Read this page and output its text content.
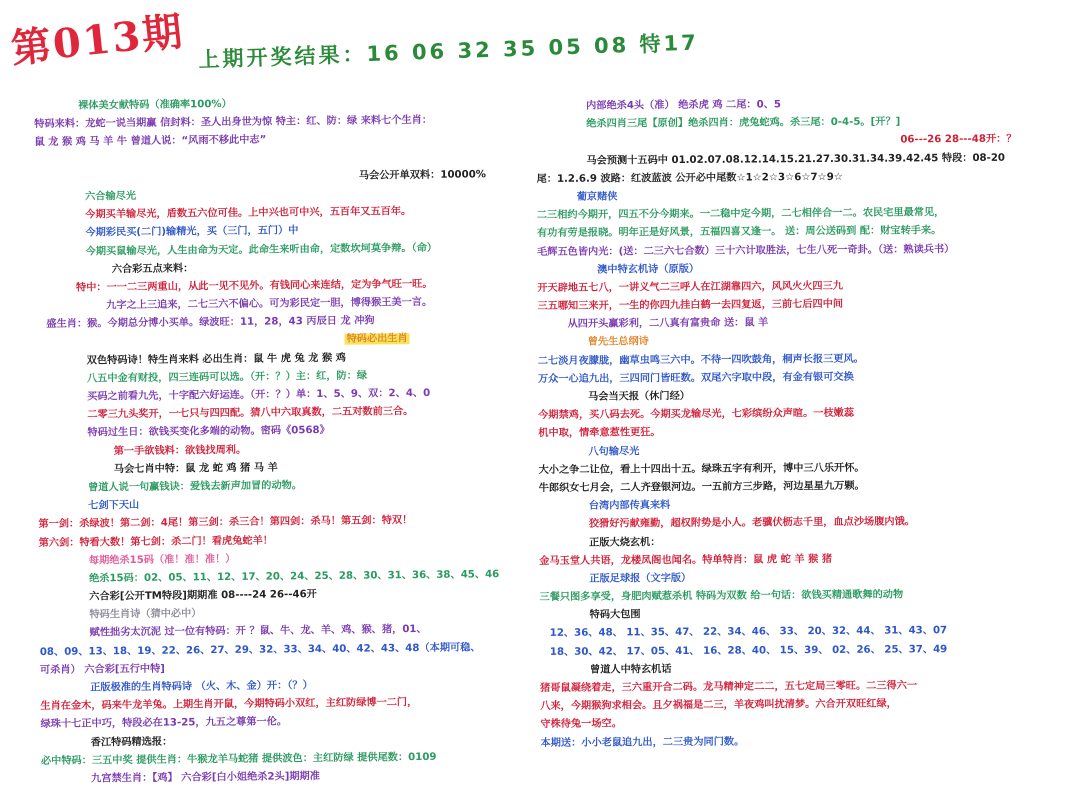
第013期 上期开奖结果：16 06 32 35 05 08 特17
裸体美女献特码（准确率100%）
特码来料：龙蛇一说当期赢 信封料：圣人出身世为惊 特主：红、防：绿 来料七个生肖：
鼠 龙 猴 鸡 马 羊 牛 曾道人说：“风雨不移此中志”
马会公开单双料：10000%
六合输尽光
今期买羊输尽光，盾数五六位可佳。上中兴也可中兴，五百年又五百年。
今期彩民买(二门)输精光，买（三门，五门）中
今期买鼠输尽光，人生由命为天定。此命生来听由命，定数坎坷莫争辩。（命）
六合彩五点来料：
特中：一一二三两重山，从此一见不见外。有钱同心来连结，定为争气旺一旺。
九字之上三追来，二七三六不偏心。可为彩民定一胆，博得猴王美一言。
盛生肖：猴。今期总分博小买单。绿波旺：11，28，43 丙辰日 龙 冲狗
特码必出生肖
双色特码诗！特生肖来料 必出生肖：鼠 牛 虎 兔 龙 猴 鸡
八五中金有财投，四三连码可以选。（开：？）主：红，防：绿
买码之前看九先，十字配六好运连。（开：？）单：1、5、9、双：2、4、0
二零三九头奖开，一七只与四四配。猜八中六取真数，二五对数前三合。
特码过生日：欲钱买变化多端的动物。密码《0568》
第一手欲钱料：欲钱找周利。
马会七肖中特：鼠 龙 蛇 鸡 猪 马 羊
曾道人说一句赢钱诀：爱钱去新声加冒的动物。
七剑下天山
第一剑：杀绿波！第二剑：4尾！第三剑：杀三合！第四剑：杀马！第五剑：特双！
第六剑：特看大数！第七剑：杀二门！看虎兔蛇羊！
每期绝杀15码（准！准！准！）
绝杀15码：02、05、11、12、17、20、24、25、28、30、31、36、38、45、46
六合彩[公开TM特段]期期准 08----24 26--46开
特码生肖诗（猜中必中）
赋性拙劣太沉泥 过一位有特码：开 ？鼠、牛、龙、羊、鸡、猴、猪，01、
08、09、13、18、19、22、26、27、29、32、33、34、40、42、43、48（本期可稳、
可杀肖） 六合彩[五行中特]
正版极准的生肖特码诗 （火、木、金）开：（？）
生肖在金木，码来牛龙羊兔。上期生肖开鼠，今期特码小双红，主红防绿博一二门，
绿珠十七正中巧，特段必在13-25，九五之尊第一伦。
香江特码精选报：
必中特码：三五中奖 提供生肖：牛猴龙羊马蛇猪 提供波色：主红防绿 提供尾数：0109
九宫禁生肖：【鸡】 六合彩[白小姐绝杀2头]期期准
内部绝杀4头（准） 绝杀虎 鸡 二尾：0、5
绝杀四肖三尾【原创】绝杀四肖：虎兔蛇鸡。杀三尾：0-4-5。[开？]
06---26 28---48开：？
马会预测十五码中 01.02.07.08.12.14.15.21.27.30.31.34.39.42.45 特段：08-20
尾：1.2.6.9 波路：红波蓝波 公开必中尾数☆1☆2☆3☆6☆7☆9☆
葡京赌侠
二三相约今期开，四五不分今期来。一二稳中定今期，二七相伴合一二。农民宅里最常见，
有功有劳是报晓。明年正是好风景，五福四喜又逢一。 送：周公送码到 配：财宝转手来。
毛辉五色皆内光：(送：二三六七合数）三十六计取胜法，七生八死一奇卦。（送：熟读兵书）
澳中特玄机诗（原版）
开天辟地五七八，一讲义气二三呼人在江湖靠四六，风风火火四三九
三五哪知三来开，一生的你四九挂白鹤一去四复返，三前七后四中间
从四开头赢彩利，二八真有富贵命 送：鼠 羊
曾先生总纲诗
二七淡月夜朦胧，幽草虫鸣三六中。不待一四吹鼓角，桐声长报三更风。
万众一心追九出，三四同门皆旺数。双尾六字取中段，有金有银可交换
马会当天报（休门经）
今期禁鸡，买八码去死。今期买龙输尽光，七彩缤纷众声暄。一枝嫩蕊
机中取，情牵意惹性更狂。
八句输尽光
大小之争二让位，看上十四出十五。绿珠五字有利开，博中三八乐开怀。
牛郎织女七月会，二人齐登银河边。一五前方三步路，河边星星九万颗。
台湾内部传真来料
狡猾好污献雍勤，超权附势是小人。老骥伏枥志千里，血点沙场腹内饿。
正版大烧玄机：
金马玉堂人共语，龙楼凤阁也闻名。特单特肖：鼠 虎 蛇 羊 猴 猪
正版足球报（文字版）
三餐只图多享受，身肥肉赋惹杀机 特码为双数 给一句话：欲钱买精通歌舞的动物
特码大包围
12、36、48、 11、35、47、 22、34、46、 33、 20、32、44、 31、43、07
18、30、42、 17、05、41、 16、28、40、 15、39、 02、26、 25、37、49
曾道人中特玄机话
猪哥鼠凝绕着走，三六重开合二码。龙马精神定二二，五七定局三零旺。二三得六一
八来，今期猴狗求相会。且夕祸福是二三，羊夜鸡叫扰清梦。六合开双旺红绿，
守株待兔一场空。
本期送：小小老鼠追九出，二三贵为同门数。
